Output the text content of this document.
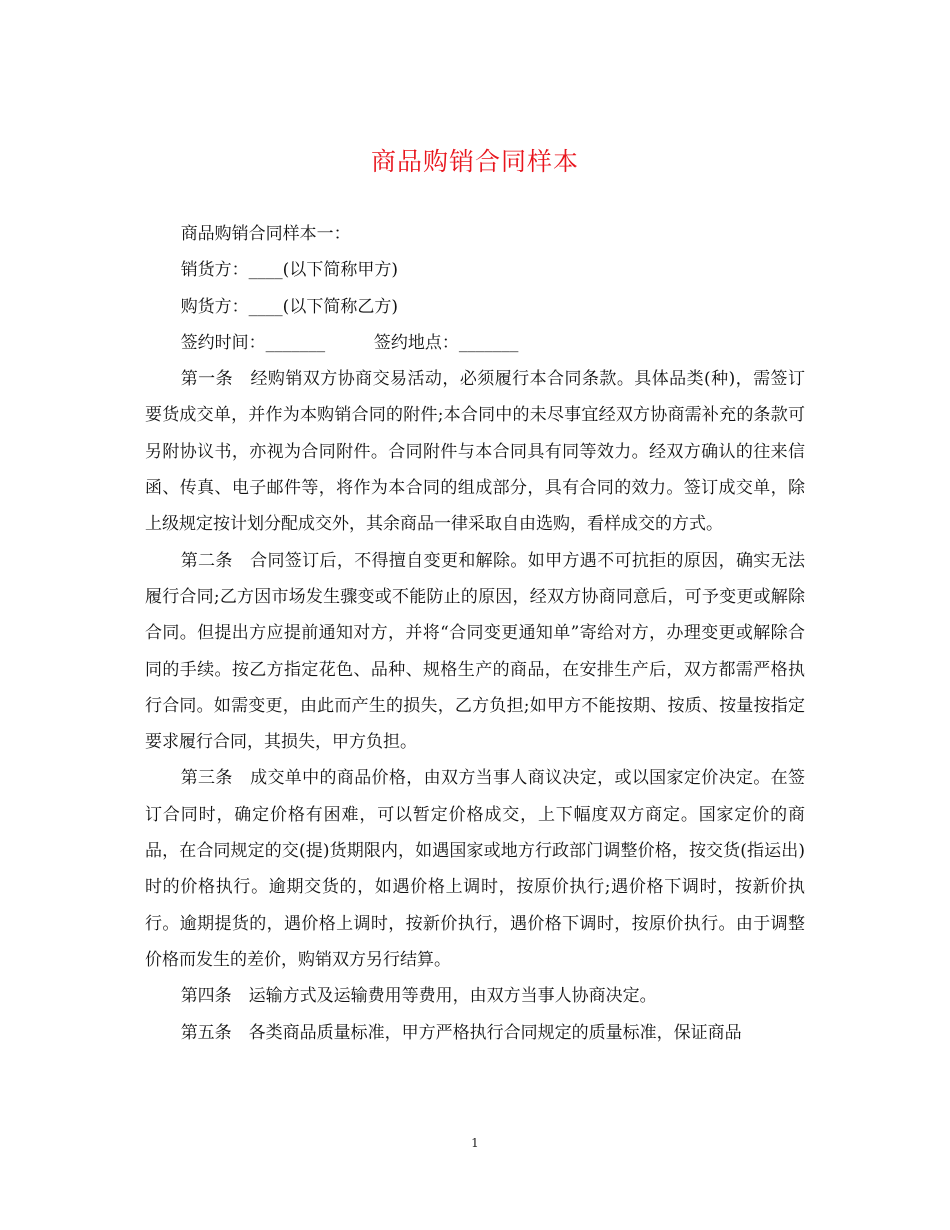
商品购销合同样本

商品购销合同样本一：

销货方：____(以下简称甲方)

购货方：____(以下简称乙方)

签约时间：_______         签约地点：_______

第一条　经购销双方协商交易活动，必须履行本合同条款。具体品类(种)，需签订要货成交单，并作为本购销合同的附件;本合同中的未尽事宜经双方协商需补充的条款可另附协议书，亦视为合同附件。合同附件与本合同具有同等效力。经双方确认的往来信函、传真、电子邮件等，将作为本合同的组成部分，具有合同的效力。签订成交单，除上级规定按计划分配成交外，其余商品一律采取自由选购，看样成交的方式。

第二条　合同签订后，不得擅自变更和解除。如甲方遇不可抗拒的原因，确实无法履行合同;乙方因市场发生骤变或不能防止的原因，经双方协商同意后，可予变更或解除合同。但提出方应提前通知对方，并将“合同变更通知单”寄给对方，办理变更或解除合同的手续。按乙方指定花色、品种、规格生产的商品，在安排生产后，双方都需严格执行合同。如需变更，由此而产生的损失，乙方负担;如甲方不能按期、按质、按量按指定要求履行合同，其损失，甲方负担。

第三条　成交单中的商品价格，由双方当事人商议决定，或以国家定价决定。在签订合同时，确定价格有困难，可以暂定价格成交，上下幅度双方商定。国家定价的商品，在合同规定的交(提)货期限内，如遇国家或地方行政部门调整价格，按交货(指运出)时的价格执行。逾期交货的，如遇价格上调时，按原价执行;遇价格下调时，按新价执行。逾期提货的，遇价格上调时，按新价执行，遇价格下调时，按原价执行。由于调整价格而发生的差价，购销双方另行结算。

第四条　运输方式及运输费用等费用，由双方当事人协商决定。

第五条　各类商品质量标准，甲方严格执行合同规定的质量标准，保证商品

1
